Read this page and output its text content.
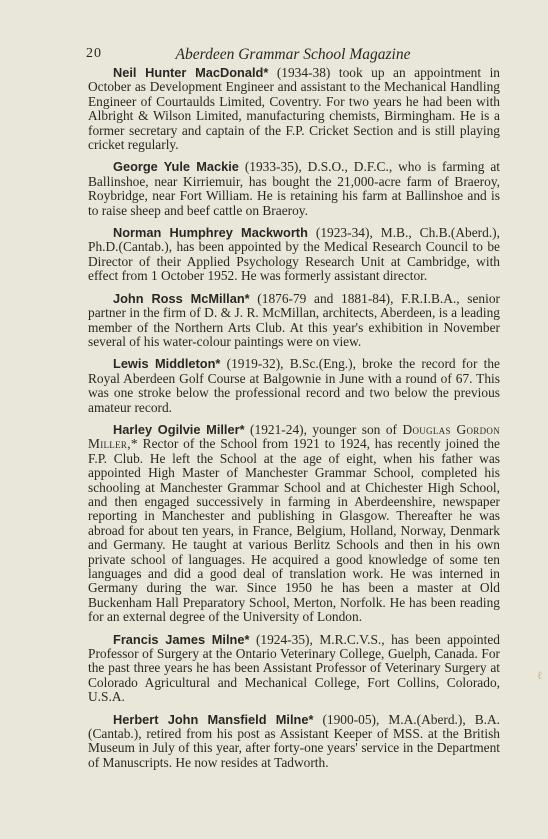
20	Aberdeen Grammar School Magazine

Neil Hunter MacDonald* (1934-38) took up an appointment in October as Development Engineer and assistant to the Mechanical Handling Engineer of Courtaulds Limited, Coventry. For two years he had been with Albright & Wilson Limited, manufacturing chemists, Birmingham. He is a former secretary and captain of the F.P. Cricket Section and is still playing cricket regularly.

George Yule Mackie (1933-35), D.S.O., D.F.C., who is farming at Ballinshoe, near Kirriemuir, has bought the 21,000-acre farm of Braeroy, Roybridge, near Fort William. He is retaining his farm at Ballinshoe and is to raise sheep and beef cattle on Braeroy.

Norman Humphrey Mackworth (1923-34), M.B., Ch.B.(Aberd.), Ph.D.(Cantab.), has been appointed by the Medical Research Council to be Director of their Applied Psychology Research Unit at Cambridge, with effect from 1 October 1952. He was formerly assistant director.

John Ross McMillan* (1876-79 and 1881-84), F.R.I.B.A., senior partner in the firm of D. & J. R. McMillan, architects, Aberdeen, is a leading member of the Northern Arts Club. At this year's exhibition in November several of his water-colour paintings were on view.

Lewis Middleton* (1919-32), B.Sc.(Eng.), broke the record for the Royal Aberdeen Golf Course at Balgownie in June with a round of 67. This was one stroke below the professional record and two below the previous amateur record.

Harley Ogilvie Miller* (1921-24), younger son of Douglas Gordon Miller,* Rector of the School from 1921 to 1924, has recently joined the F.P. Club. He left the School at the age of eight, when his father was appointed High Master of Manchester Grammar School, completed his schooling at Manchester Grammar School and at Chichester High School, and then engaged successively in farming in Aberdeenshire, newspaper reporting in Manchester and publishing in Glasgow. Thereafter he was abroad for about ten years, in France, Belgium, Holland, Norway, Denmark and Germany. He taught at various Berlitz Schools and then in his own private school of languages. He acquired a good knowledge of some ten languages and did a good deal of translation work. He was interned in Germany during the war. Since 1950 he has been a master at Old Buckenham Hall Preparatory School, Merton, Norfolk. He has been reading for an external degree of the University of London.

Francis James Milne* (1924-35), M.R.C.V.S., has been appointed Professor of Surgery at the Ontario Veterinary College, Guelph, Canada. For the past three years he has been Assistant Professor of Veterinary Surgery at Colorado Agricultural and Mechanical College, Fort Collins, Colorado, U.S.A.

Herbert John Mansfield Milne* (1900-05), M.A.(Aberd.), B.A.(Cantab.), retired from his post as Assistant Keeper of MSS. at the British Museum in July of this year, after forty-one years' service in the Department of Manuscripts. He now resides at Tadworth.

ℓ
